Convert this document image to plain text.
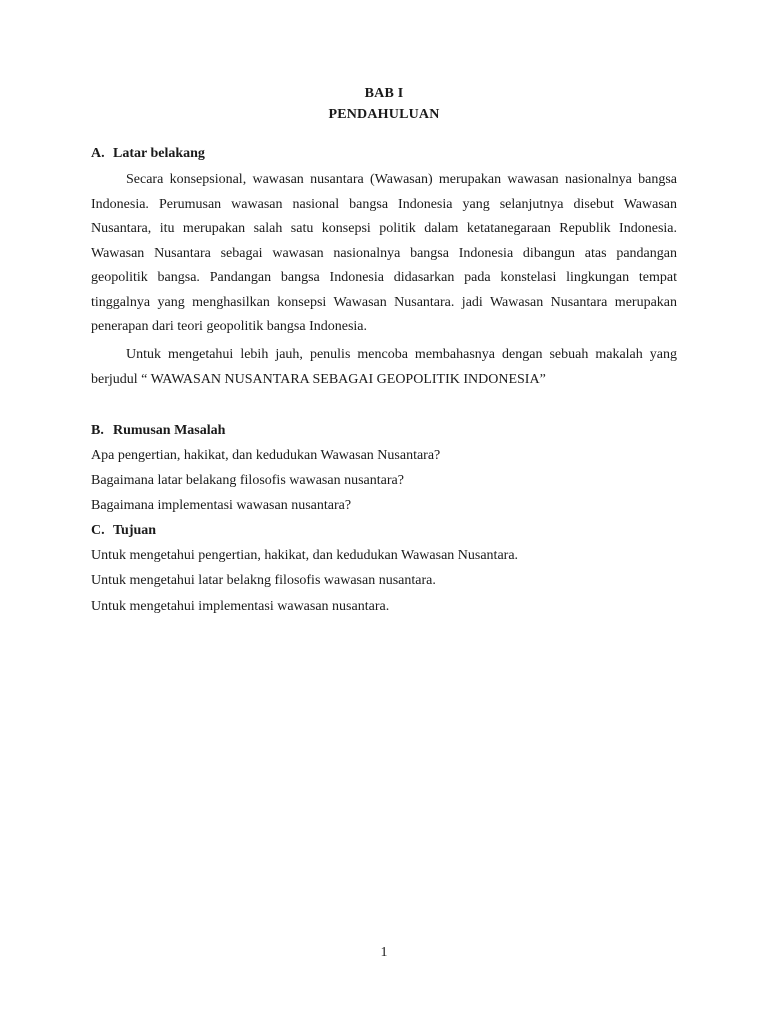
BAB I
PENDAHULUAN
A. Latar belakang

Secara konsepsional, wawasan nusantara (Wawasan) merupakan wawasan nasionalnya bangsa Indonesia. Perumusan wawasan nasional bangsa Indonesia yang selanjutnya disebut Wawasan Nusantara, itu merupakan salah satu konsepsi politik dalam ketatanegaraan Republik Indonesia. Wawasan Nusantara sebagai wawasan nasionalnya bangsa Indonesia dibangun atas pandangan geopolitik bangsa. Pandangan bangsa Indonesia didasarkan pada konstelasi lingkungan tempat tinggalnya yang menghasilkan konsepsi Wawasan Nusantara. jadi Wawasan Nusantara merupakan penerapan dari teori geopolitik bangsa Indonesia.

Untuk mengetahui lebih jauh, penulis mencoba membahasnya dengan sebuah makalah yang berjudul “ WAWASAN NUSANTARA SEBAGAI GEOPOLITIK INDONESIA”

B. Rumusan Masalah
Apa pengertian, hakikat, dan kedudukan Wawasan Nusantara?
Bagaimana latar belakang filosofis wawasan nusantara?
Bagaimana implementasi wawasan nusantara?
C. Tujuan
Untuk mengetahui pengertian, hakikat, dan kedudukan Wawasan Nusantara.
Untuk mengetahui latar belakng filosofis wawasan nusantara.
Untuk mengetahui implementasi wawasan nusantara.
1
